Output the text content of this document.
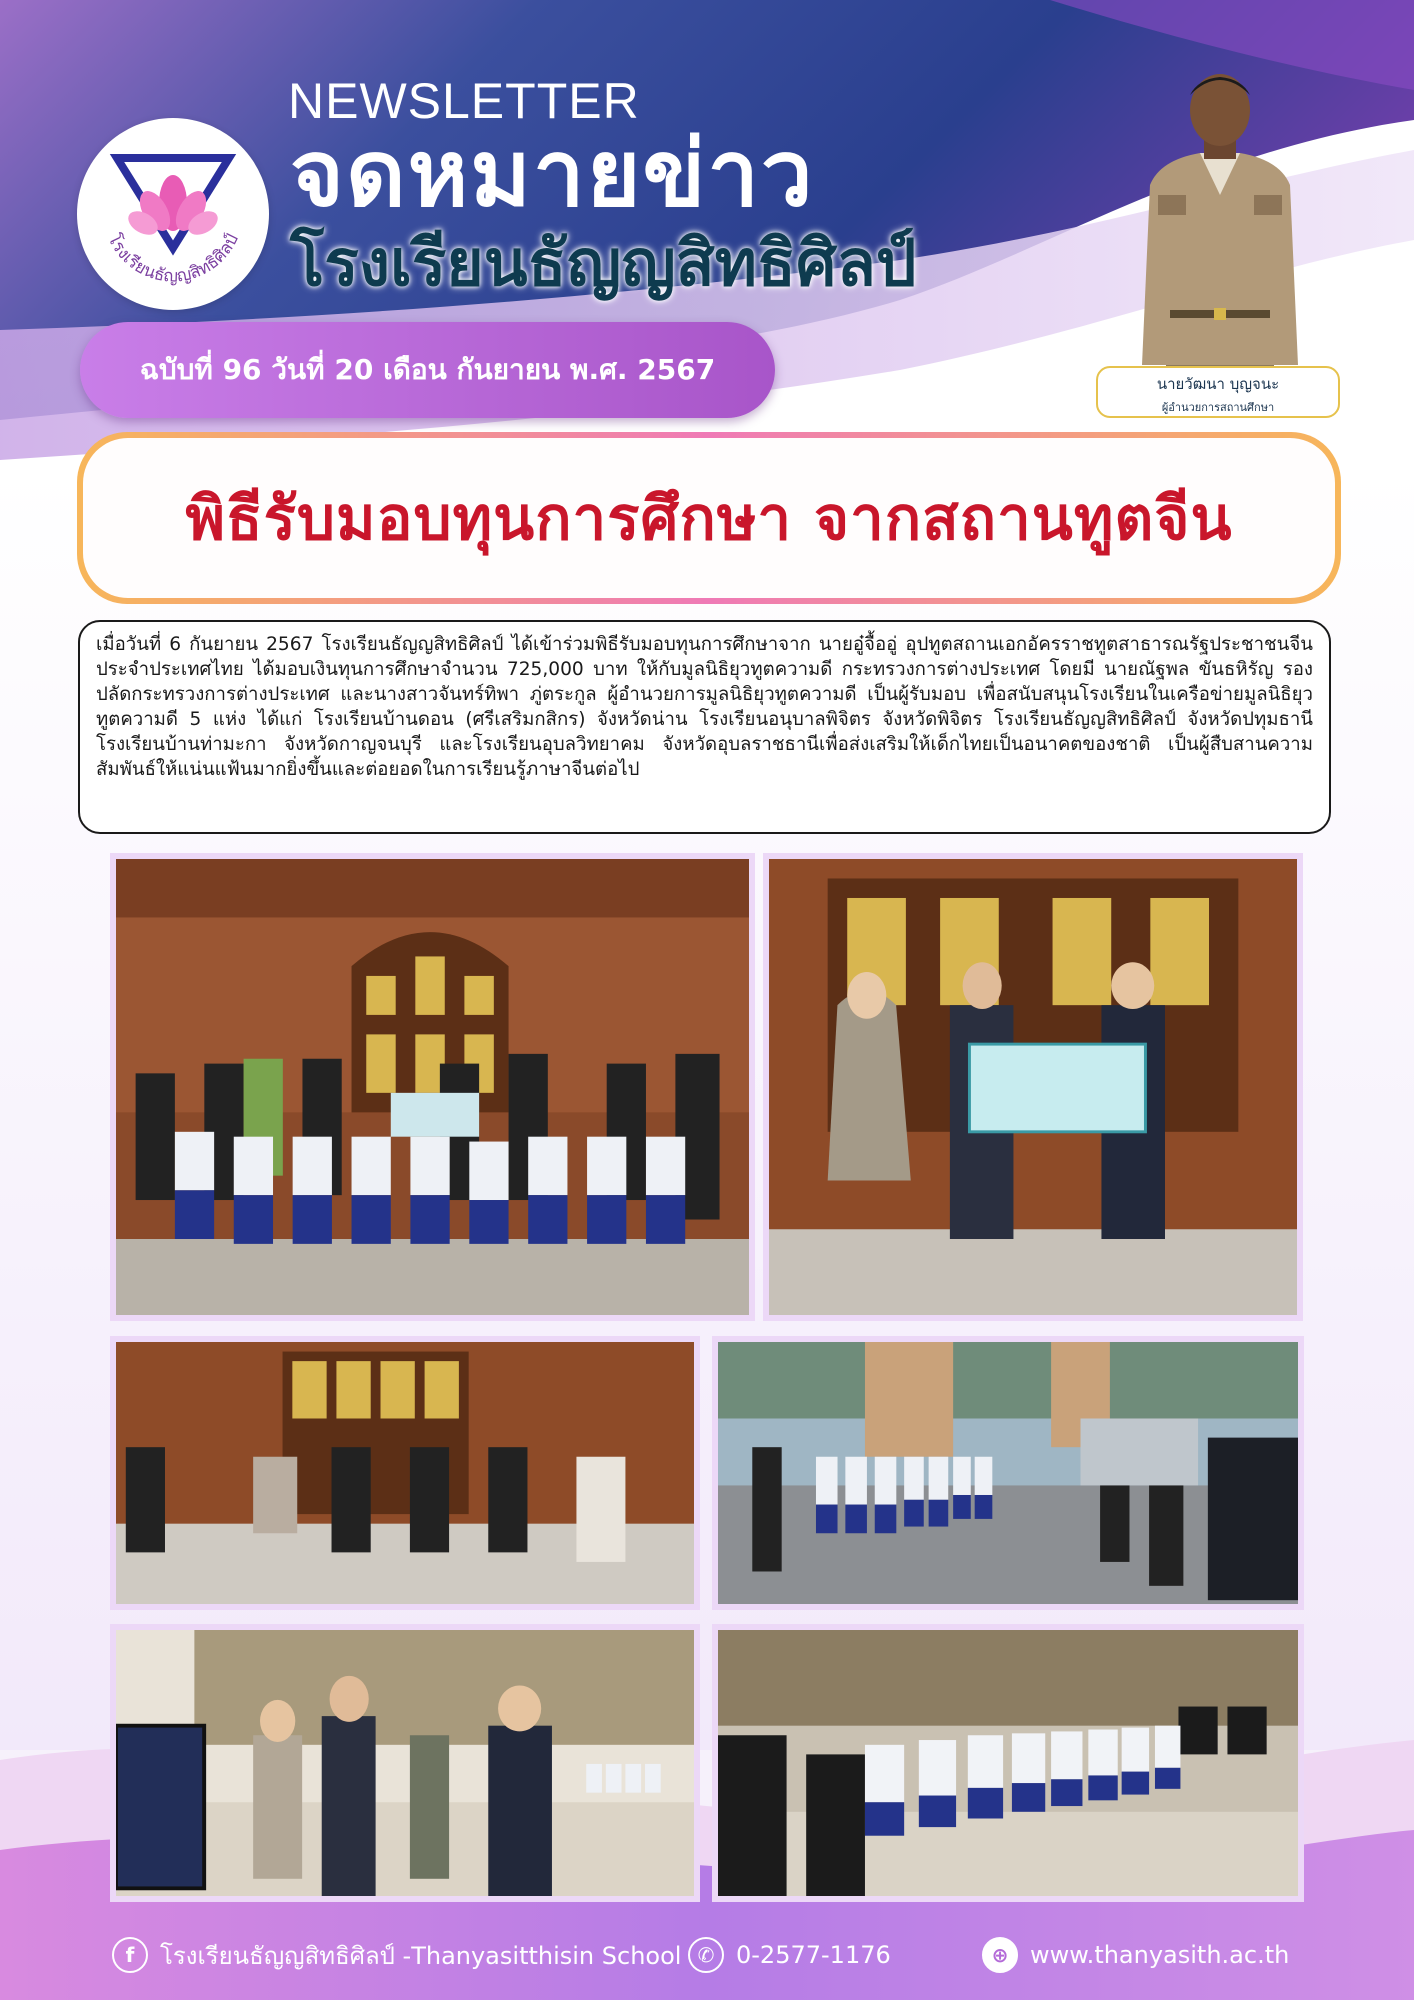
โรงเรียนธัญญสิทธิศิลป์
NEWSLETTER
จดหมายข่าว
โรงเรียนธัญญสิทธิศิลป์
ฉบับที่ 96 วันที่ 20 เดือน กันยายน พ.ศ. 2567	นายวัฒนา บุญจนะ
ผู้อำนวยการสถานศึกษา
พิธีรับมอบทุนการศึกษา จากสถานทูตจีน

เมื่อวันที่ 6 กันยายน 2567 โรงเรียนธัญญสิทธิศิลป์ ได้เข้าร่วมพิธีรับมอบทุนการศึกษาจาก นายอู๋จื้ออู่ อุปทูตสถานเอกอัครราชทูตสาธารณรัฐประชาชนจีนประจำประเทศไทย ได้มอบเงินทุนการศึกษาจำนวน 725,000 บาท ให้กับมูลนิธิยุวทูตความดี กระทรวงการต่างประเทศ โดยมี นายณัฐพล ขันธหิรัญ รองปลัดกระทรวงการต่างประเทศ และนางสาวจันทร์ทิพา ภู่ตระกูล ผู้อำนวยการมูลนิธิยุวทูตความดี เป็นผู้รับมอบ เพื่อสนับสนุนโรงเรียนในเครือข่ายมูลนิธิยุวทูตความดี 5 แห่ง ได้แก่ โรงเรียนบ้านดอน (ศรีเสริมกสิกร) จังหวัดน่าน โรงเรียนอนุบาลพิจิตร จังหวัดพิจิตร โรงเรียนธัญญสิทธิศิลป์ จังหวัดปทุมธานี โรงเรียนบ้านท่ามะกา จังหวัดกาญจนบุรี และโรงเรียนอุบลวิทยาคม จังหวัดอุบลราชธานีเพื่อส่งเสริมให้เด็กไทยเป็นอนาคตของชาติ เป็นผู้สืบสานความสัมพันธ์ให้แน่นแฟ้นมากยิ่งขึ้นและต่อยอดในการเรียนรู้ภาษาจีนต่อไป

f	โรงเรียนธัญญสิทธิศิลป์ -Thanyasitthisin School ✆ 0-2577-1176	⊕ www.thanyasith.ac.th
